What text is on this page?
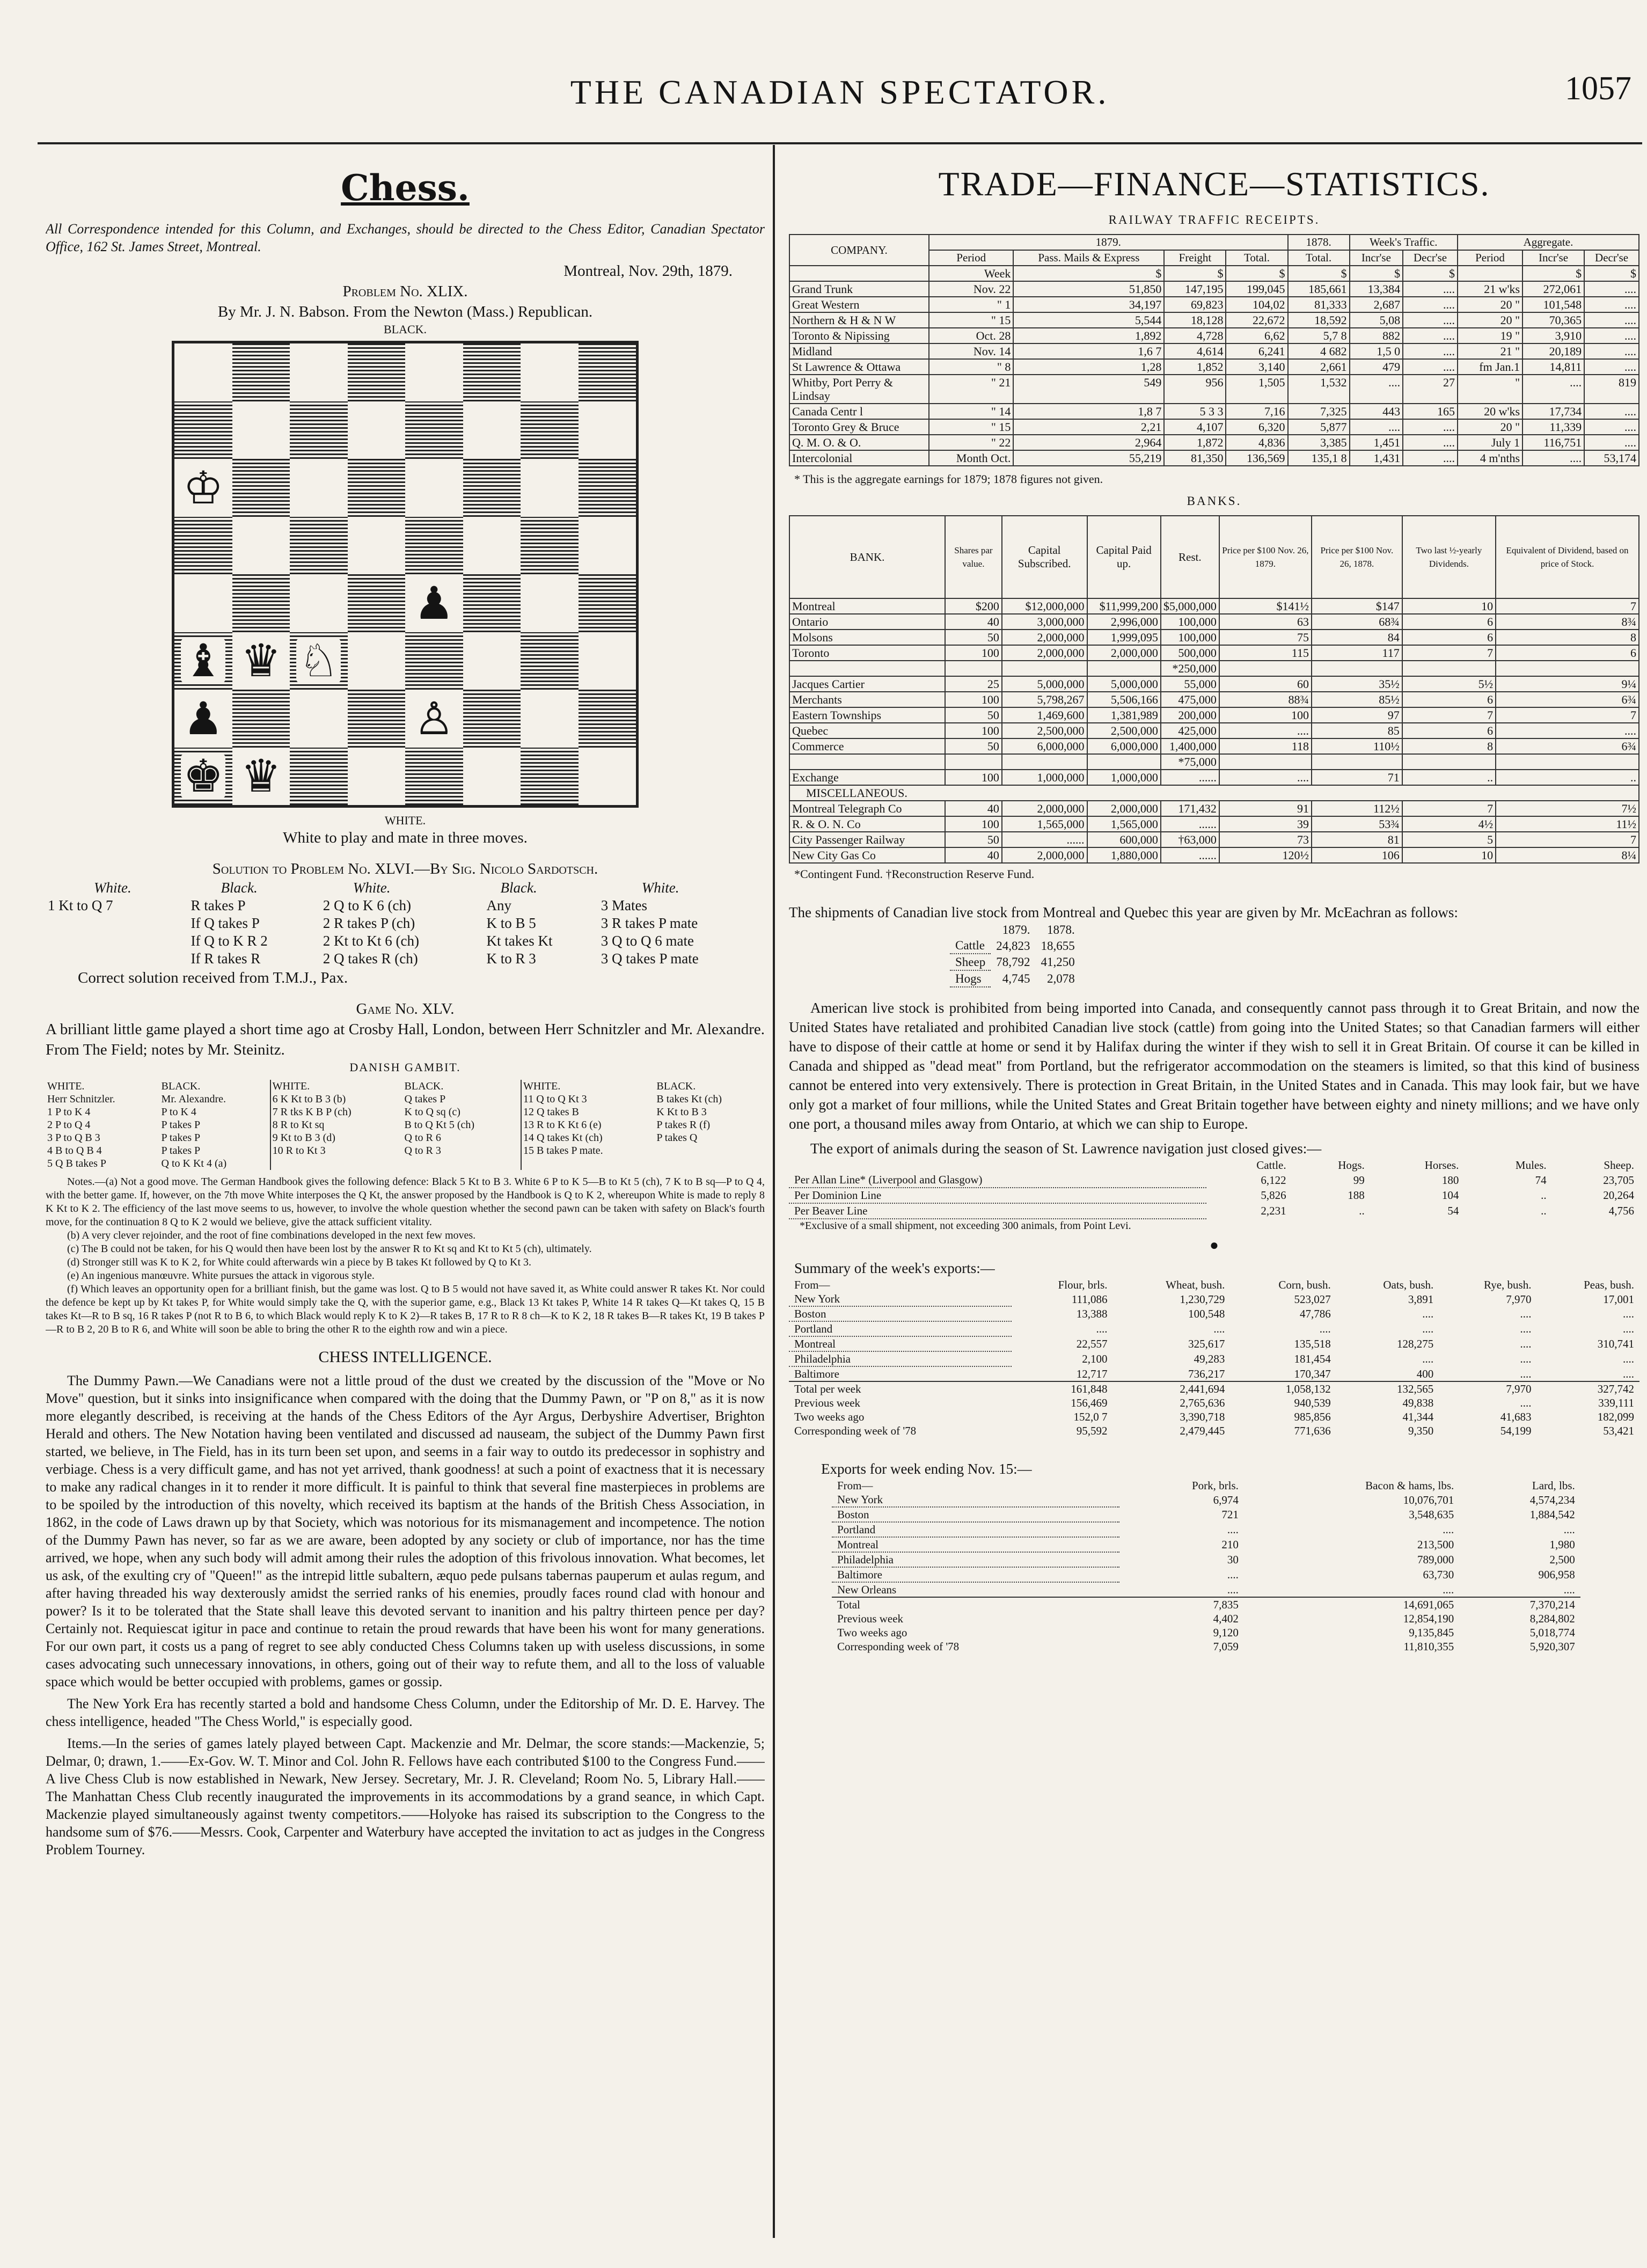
THE CANADIAN SPECTATOR.	1057
Chess.

All Correspondence intended for this Column, and Exchanges, should be directed to the Chess Editor, Canadian Spectator Office, 162 St. James Street, Montreal.

Montreal, Nov. 29th, 1879.

Problem No. XLIX.

By Mr. J. N. Babson. From the Newton (Mass.) Republican.

BLACK.

♔
♟
♝ ♛ ♘
♟	♙
♚ ♛

WHITE.

White to play and mate in three moves.

Solution to Problem No. XLVI.—By Sig. Nicolo Sardotsch.

White.	Black.	White.	Black.	White.
1 Kt to Q 7	R takes P	2 Q to K 6 (ch)	Any	3 Mates
	If Q takes P	2 R takes P (ch)	K to B 5	3 R takes P mate
	If Q to K R 2	2 Kt to Kt 6 (ch)	Kt takes Kt	3 Q to Q 6 mate
	If R takes R	2 Q takes R (ch)	K to R 3	3 Q takes P mate

Correct solution received from T.M.J., Pax.

Game No. XLV.

A brilliant little game played a short time ago at Crosby Hall, London, between Herr Schnitzler and Mr. Alexandre. From The Field; notes by Mr. Steinitz.

DANISH GAMBIT.

WHITE.	BLACK.	WHITE.	BLACK.	WHITE.	BLACK.
Herr Schnitzler.	Mr. Alexandre.	6 K Kt to B 3 (b)	Q takes P	11 Q to Q Kt 3	B takes Kt (ch)
1 P to K 4	P to K 4	7 R tks K B P (ch)	K to Q sq (c)	12 Q takes B	K Kt to B 3
2 P to Q 4	P takes P	8 R to Kt sq	B to Q Kt 5 (ch)	13 R to K Kt 6 (e)	P takes R (f)
3 P to Q B 3	P takes P	9 Kt to B 3 (d)	Q to R 6	14 Q takes Kt (ch)	P takes Q
4 B to Q B 4	P takes P	10 R to Kt 3	Q to R 3	15 B takes P mate.	
5 Q B takes P	Q to K Kt 4 (a)				

Notes.—(a) Not a good move. The German Handbook gives the following defence: Black 5 Kt to B 3. White 6 P to K 5—B to Kt 5 (ch), 7 K to B sq—P to Q 4, with the better game. If, however, on the 7th move White interposes the Q Kt, the answer proposed by the Handbook is Q to K 2, whereupon White is made to reply 8 K Kt to K 2. The efficiency of the last move seems to us, however, to involve the whole question whether the second pawn can be taken with safety on Black's fourth move, for the continuation 8 Q to K 2 would we believe, give the attack sufficient vitality.

(b) A very clever rejoinder, and the root of fine combinations developed in the next few moves.

(c) The B could not be taken, for his Q would then have been lost by the answer R to Kt sq and Kt to Kt 5 (ch), ultimately.

(d) Stronger still was K to K 2, for White could afterwards win a piece by B takes Kt followed by Q to Kt 3.

(e) An ingenious manœuvre. White pursues the attack in vigorous style.

(f) Which leaves an opportunity open for a brilliant finish, but the game was lost. Q to B 5 would not have saved it, as White could answer R takes Kt. Nor could the defence be kept up by Kt takes P, for White would simply take the Q, with the superior game, e.g., Black 13 Kt takes P, White 14 R takes Q—Kt takes Q, 15 B takes Kt—R to B sq, 16 R takes P (not R to B 6, to which Black would reply K to K 2)—R takes B, 17 R to R 8 ch—K to K 2, 18 R takes B—R takes Kt, 19 B takes P—R to B 2, 20 B to R 6, and White will soon be able to bring the other R to the eighth row and win a piece.

CHESS INTELLIGENCE.

The Dummy Pawn.—We Canadians were not a little proud of the dust we created by the discussion of the "Move or No Move" question, but it sinks into insignificance when compared with the doing that the Dummy Pawn, or "P on 8," as it is now more elegantly described, is receiving at the hands of the Chess Editors of the Ayr Argus, Derbyshire Advertiser, Brighton Herald and others. The New Notation having been ventilated and discussed ad nauseam, the subject of the Dummy Pawn first started, we believe, in The Field, has in its turn been set upon, and seems in a fair way to outdo its predecessor in sophistry and verbiage. Chess is a very difficult game, and has not yet arrived, thank goodness! at such a point of exactness that it is necessary to make any radical changes in it to render it more difficult. It is painful to think that several fine masterpieces in problems are to be spoiled by the introduction of this novelty, which received its baptism at the hands of the British Chess Association, in 1862, in the code of Laws drawn up by that Society, which was notorious for its mismanagement and incompetence. The notion of the Dummy Pawn has never, so far as we are aware, been adopted by any society or club of importance, nor has the time arrived, we hope, when any such body will admit among their rules the adoption of this frivolous innovation. What becomes, let us ask, of the exulting cry of "Queen!" as the intrepid little subaltern, æquo pede pulsans tabernas pauperum et aulas regum, and after having threaded his way dexterously amidst the serried ranks of his enemies, proudly faces round clad with honour and power? Is it to be tolerated that the State shall leave this devoted servant to inanition and his paltry thirteen pence per day? Certainly not. Requiescat igitur in pace and continue to retain the proud rewards that have been his wont for many generations. For our own part, it costs us a pang of regret to see ably conducted Chess Columns taken up with useless discussions, in some cases advocating such unnecessary innovations, in others, going out of their way to refute them, and all to the loss of valuable space which would be better occupied with problems, games or gossip.

The New York Era has recently started a bold and handsome Chess Column, under the Editorship of Mr. D. E. Harvey. The chess intelligence, headed "The Chess World," is especially good.

Items.—In the series of games lately played between Capt. Mackenzie and Mr. Delmar, the score stands:—Mackenzie, 5; Delmar, 0; drawn, 1.——Ex-Gov. W. T. Minor and Col. John R. Fellows have each contributed $100 to the Congress Fund.——A live Chess Club is now established in Newark, New Jersey. Secretary, Mr. J. R. Cleveland; Room No. 5, Library Hall.——The Manhattan Chess Club recently inaugurated the improvements in its accommodations by a grand seance, in which Capt. Mackenzie played simultaneously against twenty competitors.——Holyoke has raised its subscription to the Congress to the handsome sum of $76.——Messrs. Cook, Carpenter and Waterbury have accepted the invitation to act as judges in the Congress Problem Tourney.

TRADE—FINANCE—STATISTICS.
RAILWAY TRAFFIC RECEIPTS.
COMPANY.	1879.				1878.	Week's Traffic.		Aggregate.		
	Period	Pass. Mails & Express	Freight	Total.	Total.	Incr'se	Decr'se	Period	Incr'se	Decr'se
	Week	$	$	$	$	$	$		$	$
Grand Trunk	Nov. 22	51,850	147,195	199,045	185,661	13,384	....	21 w'ks	272,061	....
Great Western	" 1	34,197	69,823	104,02	81,333	2,687	....	20 "	101,548	....
Northern & H & N W	" 15	5,544	18,128	22,672	18,592	5,08	....	20 "	70,365	....
Toronto & Nipissing	Oct. 28	1,892	4,728	6,62	5,7 8	882	....	19 "	3,910	....
Midland	Nov. 14	1,6 7	4,614	6,241	4 682	1,5 0	....	21 "	20,189	....
St Lawrence & Ottawa	" 8	1,28	1,852	3,140	2,661	479	....	fm Jan.1	14,811	....
Whitby, Port Perry & Lindsay	" 21	549	956	1,505	1,532	....	27	"	....	819
Canada Centr l	" 14	1,8 7	5 3 3	7,16	7,325	443	165	20 w'ks	17,734	....
Toronto Grey & Bruce	" 15	2,21	4,107	6,320	5,877	....	....	20 "	11,339	....
Q. M. O. & O.	" 22	2,964	1,872	4,836	3,385	1,451	....	July 1	116,751	....
Intercolonial	Month Oct.	55,219	81,350	136,569	135,1 8	1,431	....	4 m'nths	....	53,174

* This is the aggregate earnings for 1879; 1878 figures not given.

BANKS.
BANK.	Shares par value.	Capital Subscribed.	Capital Paid up.	Rest.	Price per $100 Nov. 26, 1879.	Price per $100 Nov. 26, 1878.	Two last ½-yearly Dividends.	Equivalent of Dividend, based on price of Stock.
Montreal	$200	$12,000,000	$11,999,200	$5,000,000	$141½	$147	10	7
Ontario	40	3,000,000	2,996,000	100,000	63	68¾	6	8¾
Molsons	50	2,000,000	1,999,095	100,000	75	84	6	8
Toronto	100	2,000,000	2,000,000	500,000	115	117	7	6
				*250,000				
Jacques Cartier	25	5,000,000	5,000,000	55,000	60	35½	5½	9¼
Merchants	100	5,798,267	5,506,166	475,000	88¾	85½	6	6¾
Eastern Townships	50	1,469,600	1,381,989	200,000	100	97	7	7
Quebec	100	2,500,000	2,500,000	425,000	....	85	6	....
Commerce	50	6,000,000	6,000,000	1,400,000	118	110½	8	6¾
				*75,000				
Exchange	100	1,000,000	1,000,000	......	....	71	..	..
MISCELLANEOUS.								
Montreal Telegraph Co	40	2,000,000	2,000,000	171,432	91	112½	7	7½
R. & O. N. Co	100	1,565,000	1,565,000	......	39	53¾	4½	11½
City Passenger Railway	50	......	600,000	†63,000	73	81	5	7
New City Gas Co	40	2,000,000	1,880,000	......	120½	106	10	8¼

*Contingent Fund. †Reconstruction Reserve Fund.

The shipments of Canadian live stock from Montreal and Quebec this year are given by Mr. McEachran as follows:

	1879.	1878.
Cattle	24,823	18,655
Sheep	78,792	41,250
Hogs	4,745	2,078

American live stock is prohibited from being imported into Canada, and consequently cannot pass through it to Great Britain, and now the United States have retaliated and prohibited Canadian live stock (cattle) from going into the United States; so that Canadian farmers will either have to dispose of their cattle at home or send it by Halifax during the winter if they wish to sell it in Great Britain. Of course it can be killed in Canada and shipped as "dead meat" from Portland, but the refrigerator accommodation on the steamers is limited, so that this kind of business cannot be entered into very extensively. There is protection in Great Britain, in the United States and in Canada. This may look fair, but we have only got a market of four millions, while the United States and Great Britain together have between eighty and ninety millions; and we have only one port, a thousand miles away from Ontario, at which we can ship to Europe.

The export of animals during the season of St. Lawrence navigation just closed gives:—

	Cattle.	Hogs.	Horses.	Mules.	Sheep.
Per Allan Line* (Liverpool and Glasgow)	6,122	99	180	74	23,705
Per Dominion Line	5,826	188	104	..	20,264
Per Beaver Line	2,231	..	54	..	4,756

*Exclusive of a small shipment, not exceeding 300 animals, from Point Levi.

●

Summary of the week's exports:—

From—	Flour, brls.	Wheat, bush.	Corn, bush.	Oats, bush.	Rye, bush.	Peas, bush.
New York	111,086	1,230,729	523,027	3,891	7,970	17,001
Boston	13,388	100,548	47,786	....	....	....
Portland	....	....	....	....	....	....
Montreal	22,557	325,617	135,518	128,275	....	310,741
Philadelphia	2,100	49,283	181,454	....	....	....
Baltimore	12,717	736,217	170,347	400	....	....
Total per week	161,848	2,441,694	1,058,132	132,565	7,970	327,742
Previous week	156,469	2,765,636	940,539	49,838	....	339,111
Two weeks ago	152,0 7	3,390,718	985,856	41,344	41,683	182,099
Corresponding week of '78	95,592	2,479,445	771,636	9,350	54,199	53,421

Exports for week ending Nov. 15:—

From—	Pork, brls.	Bacon & hams, lbs.	Lard, lbs.
New York	6,974	10,076,701	4,574,234
Boston	721	3,548,635	1,884,542
Portland	....	....	....
Montreal	210	213,500	1,980
Philadelphia	30	789,000	2,500
Baltimore	....	63,730	906,958
New Orleans	....	....	....
Total	7,835	14,691,065	7,370,214
Previous week	4,402	12,854,190	8,284,802
Two weeks ago	9,120	9,135,845	5,018,774
Corresponding week of '78	7,059	11,810,355	5,920,307
